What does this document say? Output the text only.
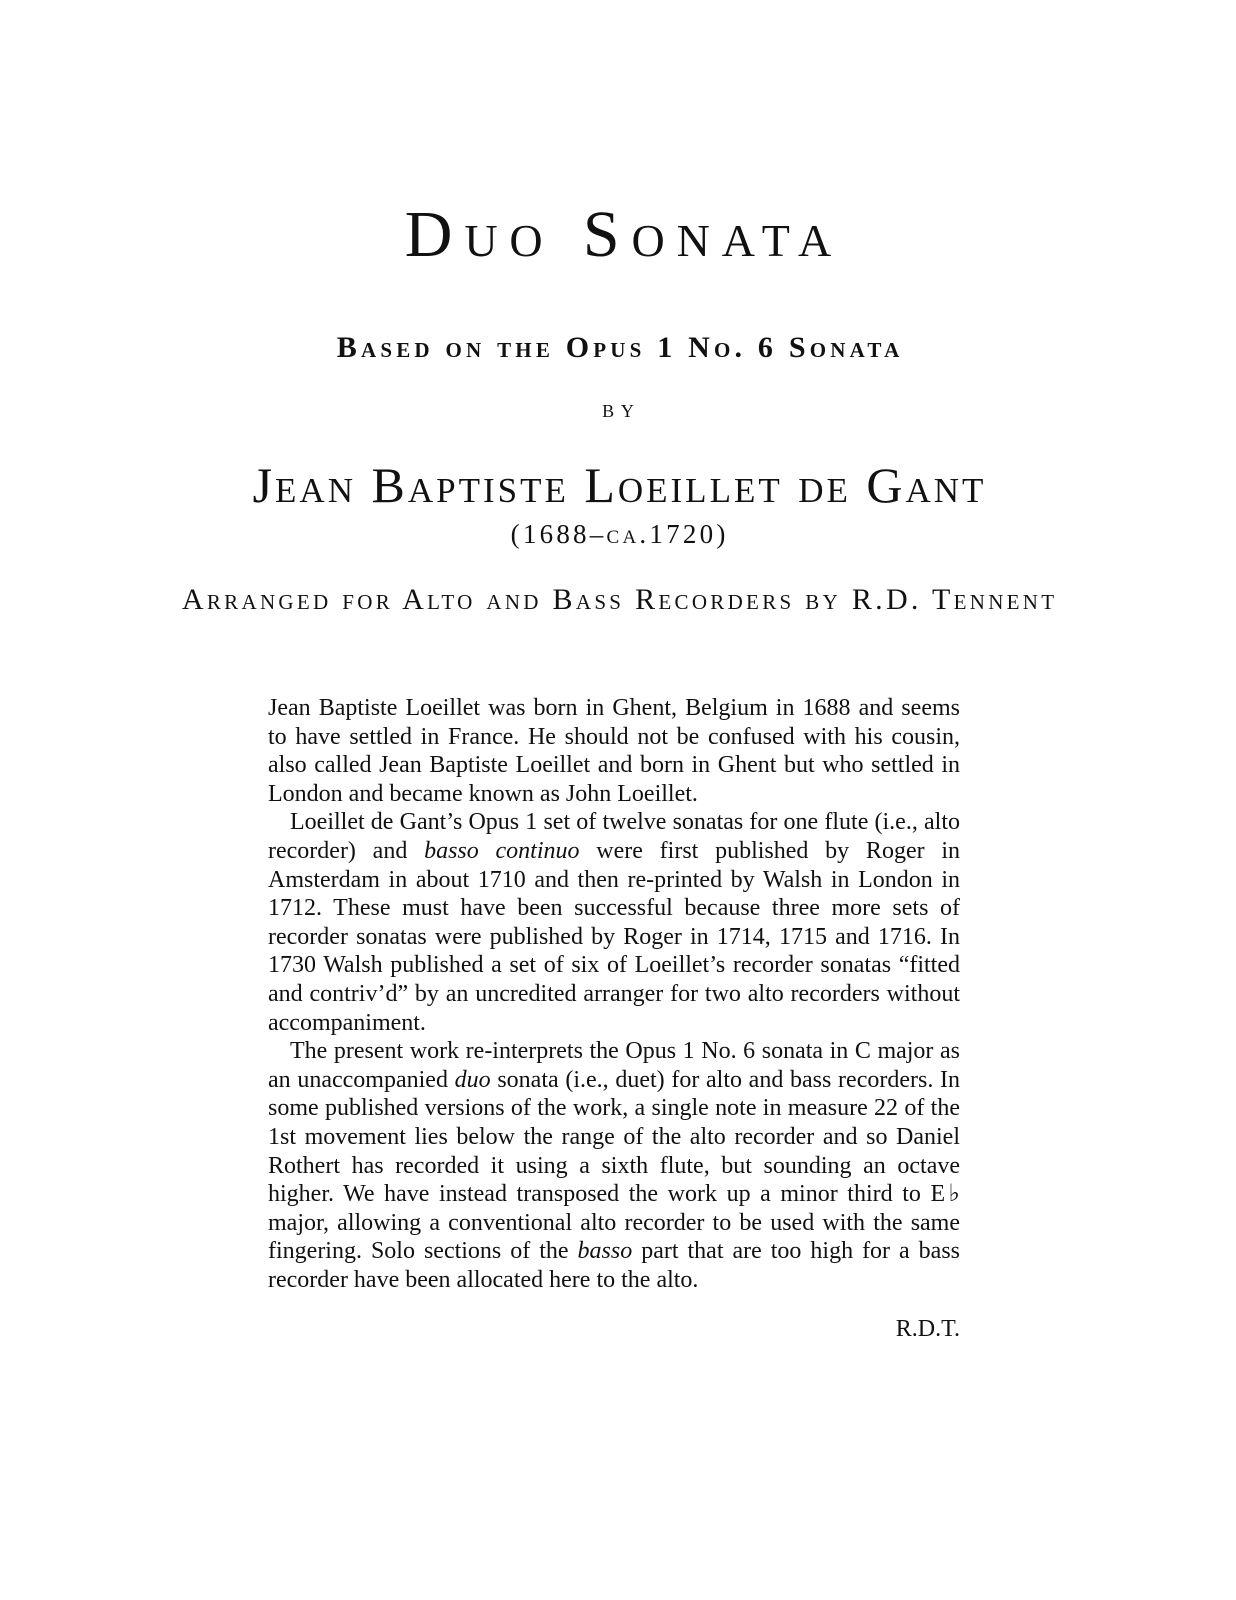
Duo Sonata
Based on the Opus 1 No. 6 Sonata
by
Jean Baptiste Loeillet de Gant
(1688–ca.1720)
Arranged for Alto and Bass Recorders by R.D. Tennent

Jean Baptiste Loeillet was born in Ghent, Belgium in 1688 and seems to have settled in France. He should not be confused with his cousin, also called Jean Baptiste Loeillet and born in Ghent but who settled in London and became known as John Loeillet.

Loeillet de Gant’s Opus 1 set of twelve sonatas for one flute (i.e., alto recorder) and basso continuo were first published by Roger in Amsterdam in about 1710 and then re-printed by Walsh in London in 1712. These must have been successful because three more sets of recorder sonatas were published by Roger in 1714, 1715 and 1716. In 1730 Walsh published a set of six of Loeillet’s recorder sonatas “fitted and contriv’d” by an uncredited arranger for two alto recorders without accompaniment.

The present work re-interprets the Opus 1 No. 6 sonata in C major as an unaccompanied duo sonata (i.e., duet) for alto and bass recorders. In some published versions of the work, a single note in measure 22 of the 1st movement lies below the range of the alto recorder and so Daniel Rothert has recorded it using a sixth flute, but sounding an octave higher. We have instead transposed the work up a minor third to E♭ major, allowing a conventional alto recorder to be used with the same fingering. Solo sections of the basso part that are too high for a bass recorder have been allocated here to the alto.

R.D.T.
